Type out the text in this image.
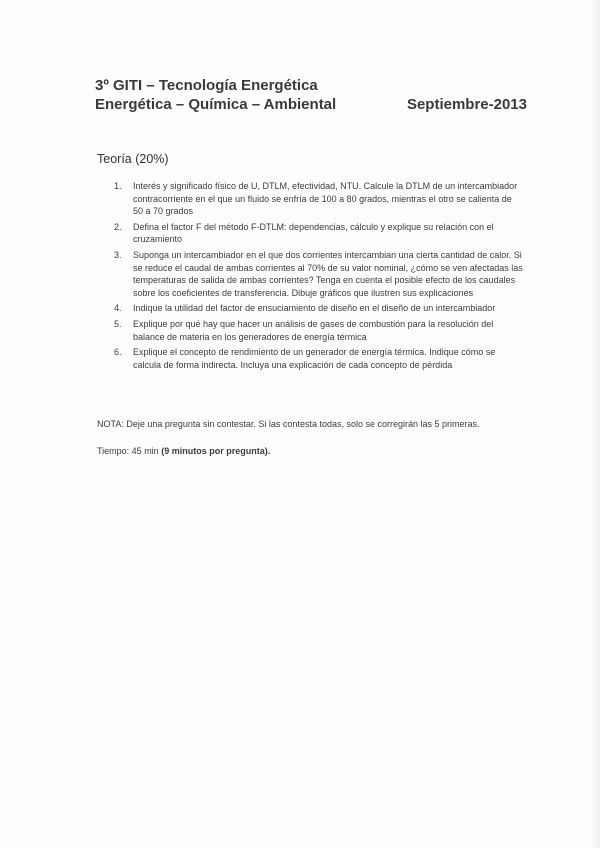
3º GITI – Tecnología Energética
Energética – Química – Ambiental	Septiembre-2013
Teoría (20%)
1.	Interés y significado físico de U, DTLM, efectividad, NTU. Calcule la DTLM de un intercambiador contracorriente en el que un fluido se enfría de 100 a 80 grados, mientras el otro se calienta de 50 a 70 grados
2.	Defina el factor F del método F-DTLM: dependencias, cálculo y explique su relación con el cruzamiento
3.	Suponga un intercambiador en el que dos corrientes intercambian una cierta cantidad de calor. Si se reduce el caudal de ambas corrientes al 70% de su valor nominal, ¿cómo se ven afectadas las temperaturas de salida de ambas corrientes? Tenga en cuenta el posible efecto de los caudales sobre los coeficientes de transferencia. Dibuje gráficos que ilustren sus explicaciones
4.	Indique la utilidad del factor de ensuciamiento de diseño en el diseño de un intercambiador
5.	Explique por qué hay que hacer un análisis de gases de combustión para la resolución del balance de materia en los generadores de energía térmica
6.	Explique el concepto de rendimiento de un generador de energía térmica. Indique cómo se calcula de forma indirecta. Incluya una explicación de cada concepto de pérdida
NOTA: Deje una pregunta sin contestar. Si las contesta todas, solo se corregirán las 5 primeras.
Tiempo: 45 min (9 minutos por pregunta).
